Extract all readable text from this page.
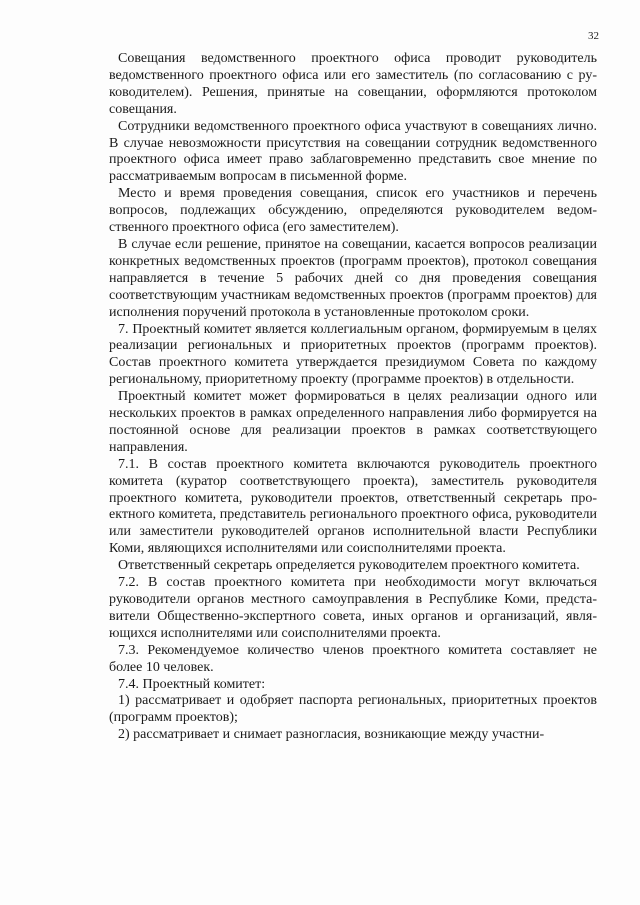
32

Совещания ведомственного проектного офиса проводит руководитель ведомственного проектного офиса или его заместитель (по согласованию с руководителем). Решения, принятые на совещании, оформляются протоколом совещания.

Сотрудники ведомственного проектного офиса участвуют в совещаниях лично. В случае невозможности присутствия на совещании сотрудник ведомственного проектного офиса имеет право заблаговременно представить свое мнение по рассматриваемым вопросам в письменной форме.

Место и время проведения совещания, список его участников и перечень вопросов, подлежащих обсуждению, определяются руководителем ведомственного проектного офиса (его заместителем).

В случае если решение, принятое на совещании, касается вопросов реализации конкретных ведомственных проектов (программ проектов), протокол совещания направляется в течение 5 рабочих дней со дня проведения совещания соответствующим участникам ведомственных проектов (программ проектов) для исполнения поручений протокола в установленные протоколом сроки.

7. Проектный комитет является коллегиальным органом, формируемым в целях реализации региональных и приоритетных проектов (программ проектов). Состав проектного комитета утверждается президиумом Совета по каждому региональному, приоритетному проекту (программе проектов) в отдельности.

Проектный комитет может формироваться в целях реализации одного или нескольких проектов в рамках определенного направления либо формируется на постоянной основе для реализации проектов в рамках соответствующего направления.

7.1. В состав проектного комитета включаются руководитель проектного комитета (куратор соответствующего проекта), заместитель руководителя проектного комитета, руководители проектов, ответственный секретарь проектного комитета, представитель регионального проектного офиса, руководители или заместители руководителей органов исполнительной власти Республики Коми, являющихся исполнителями или соисполнителями проекта.

Ответственный секретарь определяется руководителем проектного комитета.

7.2. В состав проектного комитета при необходимости могут включаться руководители органов местного самоуправления в Республике Коми, представители Общественно-экспертного совета, иных органов и организаций, являющихся исполнителями или соисполнителями проекта.

7.3. Рекомендуемое количество членов проектного комитета составляет не более 10 человек.

7.4. Проектный комитет:

1) рассматривает и одобряет паспорта региональных, приоритетных проектов (программ проектов);

2) рассматривает и снимает разногласия, возникающие между участни-
